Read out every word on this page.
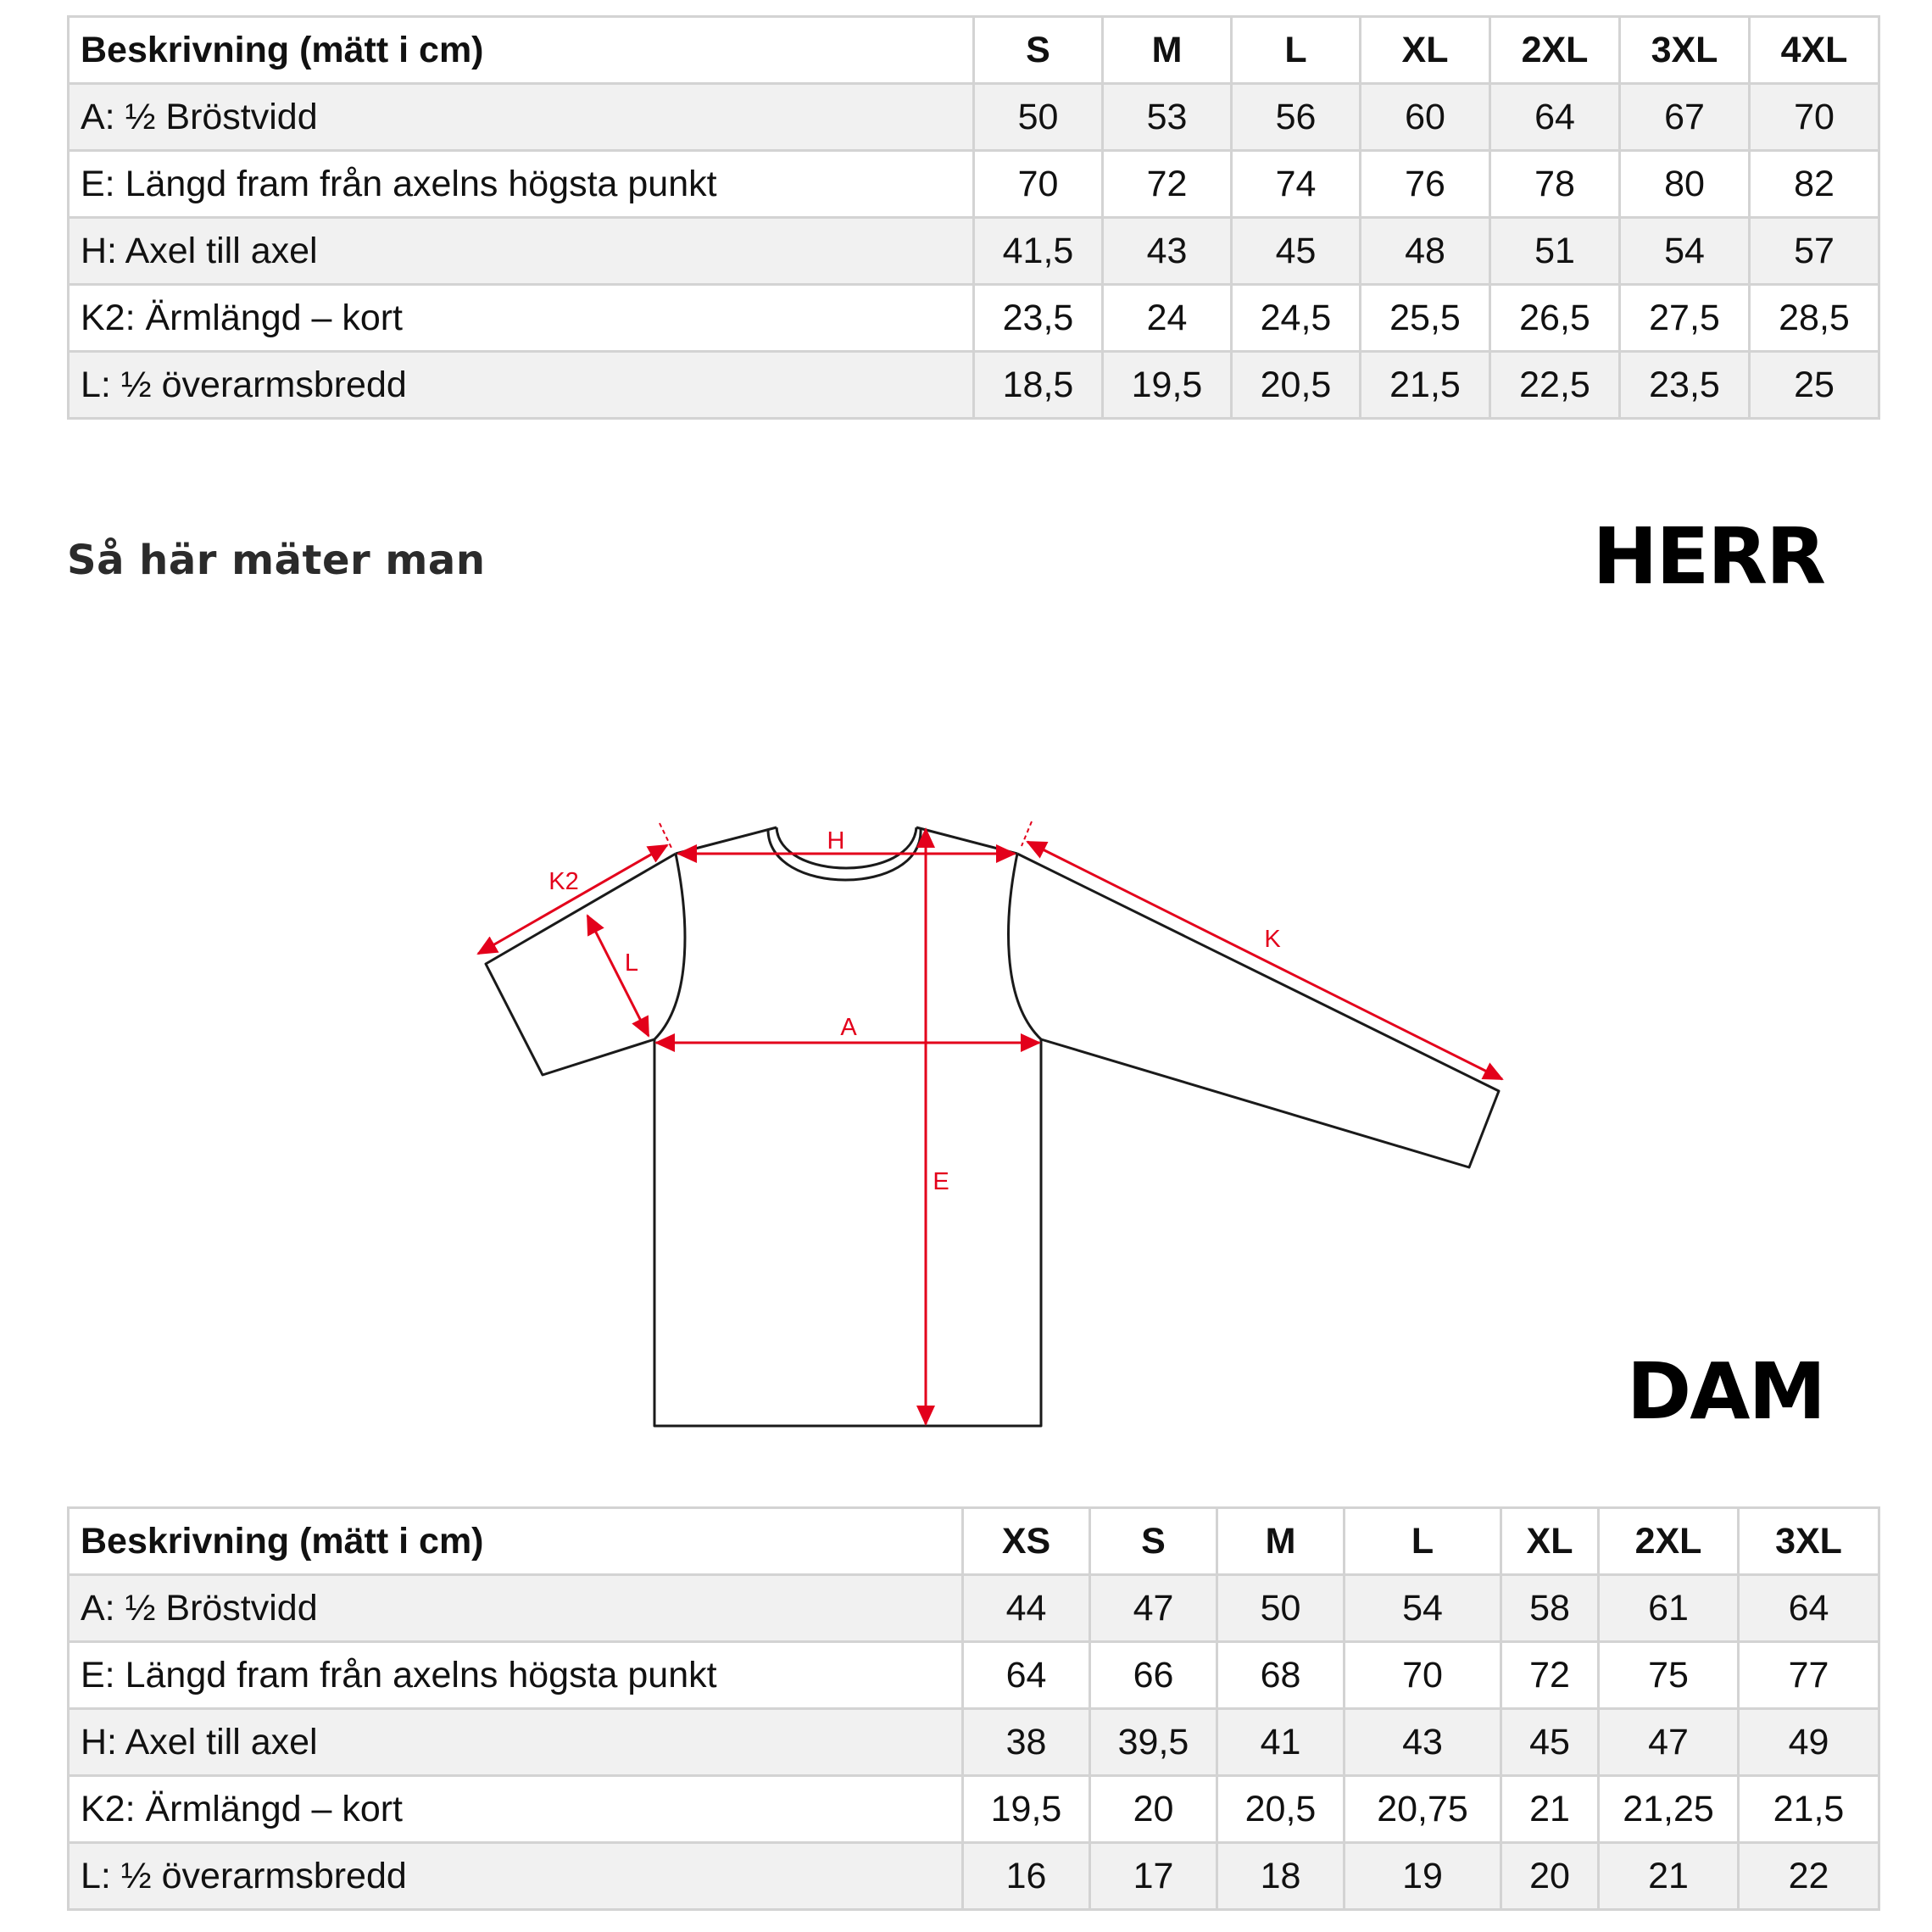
Beskrivning (mätt i cm)	S	M	L	XL	2XL	3XL	4XL
A: ½ Bröstvidd	50	53	56	60	64	67	70
E: Längd fram från axelns högsta punkt	70	72	74	76	78	80	82
H: Axel till axel	41,5	43	45	48	51	54	57
K2: Ärmlängd – kort	23,5	24	24,5	25,5	26,5	27,5	28,5
L: ½ överarmsbredd	18,5	19,5	20,5	21,5	22,5	23,5	25
Så här mäter man	HERR
DAM
H
K2
L
K
A
E
Beskrivning (mätt i cm)	XS	S	M	L	XL	2XL	3XL
A: ½ Bröstvidd	44	47	50	54	58	61	64
E: Längd fram från axelns högsta punkt	64	66	68	70	72	75	77
H: Axel till axel	38	39,5	41	43	45	47	49
K2: Ärmlängd – kort	19,5	20	20,5	20,75	21	21,25	21,5
L: ½ överarmsbredd	16	17	18	19	20	21	22
